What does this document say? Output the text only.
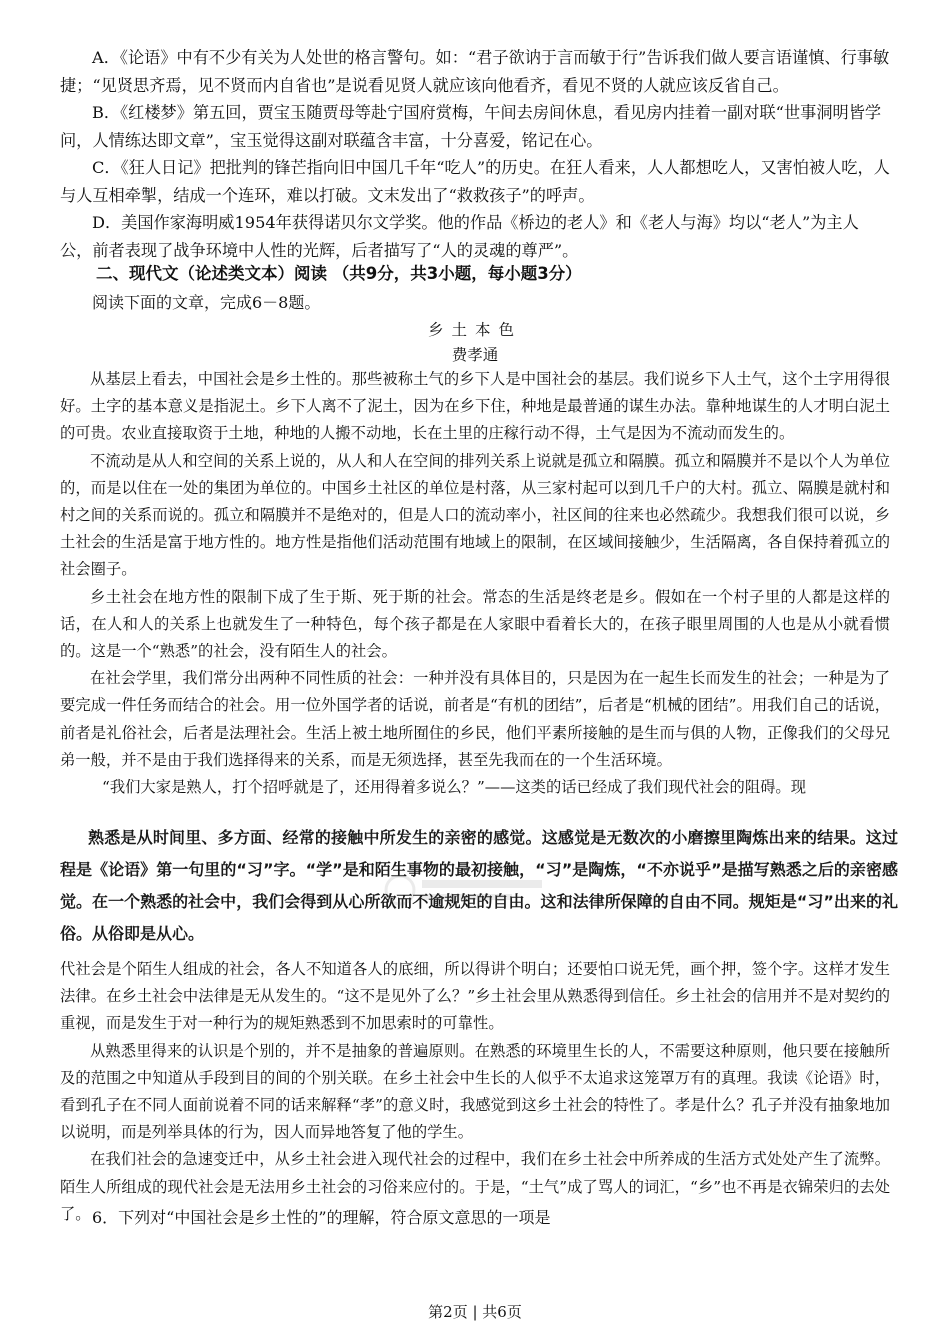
A．《论语》中有不少有关为人处世的格言警句。如：“君子欲讷于言而敏于行”告诉我们做人要言语谨慎、行事敏捷；“见贤思齐焉，见不贤而内自省也”是说看见贤人就应该向他看齐，看见不贤的人就应该反省自己。

B．《红楼梦》第五回，贾宝玉随贾母等赴宁国府赏梅，午间去房间休息，看见房内挂着一副对联“世事洞明皆学问，人情练达即文章”，宝玉觉得这副对联蕴含丰富，十分喜爱，铭记在心。

C．《狂人日记》把批判的锋芒指向旧中国几千年“吃人”的历史。在狂人看来，人人都想吃人，又害怕被人吃，人与人互相牵掣，结成一个连环，难以打破。文末发出了“救救孩子”的呼声。

D．美国作家海明威1954年获得诺贝尔文学奖。他的作品《桥边的老人》和《老人与海》均以“老人”为主人公，前者表现了战争环境中人性的光辉，后者描写了“人的灵魂的尊严”。

二、现代文（论述类文本）阅读 （共9分，共3小题，每小题3分）
阅读下面的文章，完成6－8题。
乡土本色
费孝通

从基层上看去，中国社会是乡土性的。那些被称土气的乡下人是中国社会的基层。我们说乡下人土气，这个土字用得很好。土字的基本意义是指泥土。乡下人离不了泥土，因为在乡下住，种地是最普通的谋生办法。靠种地谋生的人才明白泥土的可贵。农业直接取资于土地，种地的人搬不动地，长在土里的庄稼行动不得，土气是因为不流动而发生的。

不流动是从人和空间的关系上说的，从人和人在空间的排列关系上说就是孤立和隔膜。孤立和隔膜并不是以个人为单位的，而是以住在一处的集团为单位的。中国乡土社区的单位是村落，从三家村起可以到几千户的大村。孤立、隔膜是就村和村之间的关系而说的。孤立和隔膜并不是绝对的，但是人口的流动率小，社区间的往来也必然疏少。我想我们很可以说，乡土社会的生活是富于地方性的。地方性是指他们活动范围有地域上的限制，在区域间接触少，生活隔离，各自保持着孤立的社会圈子。

乡土社会在地方性的限制下成了生于斯、死于斯的社会。常态的生活是终老是乡。假如在一个村子里的人都是这样的话，在人和人的关系上也就发生了一种特色，每个孩子都是在人家眼中看着长大的，在孩子眼里周围的人也是从小就看惯的。这是一个“熟悉”的社会，没有陌生人的社会。

在社会学里，我们常分出两种不同性质的社会：一种并没有具体目的，只是因为在一起生长而发生的社会；一种是为了要完成一件任务而结合的社会。用一位外国学者的话说，前者是“有机的团结”，后者是“机械的团结”。用我们自己的话说，前者是礼俗社会，后者是法理社会。生活上被土地所囿住的乡民，他们平素所接触的是生而与俱的人物，正像我们的父母兄弟一般，并不是由于我们选择得来的关系，而是无须选择，甚至先我而在的一个生活环境。

“我们大家是熟人，打个招呼就是了，还用得着多说么？”——这类的话已经成了我们现代社会的阻碍。现

熟悉是从时间里、多方面、经常的接触中所发生的亲密的感觉。这感觉是无数次的小磨擦里陶炼出来的结果。这过程是《论语》第一句里的“习”字。“学”是和陌生事物的最初接触，“习”是陶炼，“不亦说乎”是描写熟悉之后的亲密感觉。在一个熟悉的社会中，我们会得到从心所欲而不逾规矩的自由。这和法律所保障的自由不同。规矩是“习”出来的礼俗。从俗即是从心。

代社会是个陌生人组成的社会，各人不知道各人的底细，所以得讲个明白；还要怕口说无凭，画个押，签个字。这样才发生法律。在乡土社会中法律是无从发生的。“这不是见外了么？”乡土社会里从熟悉得到信任。乡土社会的信用并不是对契约的重视，而是发生于对一种行为的规矩熟悉到不加思索时的可靠性。

从熟悉里得来的认识是个别的，并不是抽象的普遍原则。在熟悉的环境里生长的人，不需要这种原则，他只要在接触所及的范围之中知道从手段到目的间的个别关联。在乡土社会中生长的人似乎不太追求这笼罩万有的真理。我读《论语》时，看到孔子在不同人面前说着不同的话来解释“孝”的意义时，我感觉到这乡土社会的特性了。孝是什么？孔子并没有抽象地加以说明，而是列举具体的行为，因人而异地答复了他的学生。

在我们社会的急速变迁中，从乡土社会进入现代社会的过程中，我们在乡土社会中所养成的生活方式处处产生了流弊。陌生人所组成的现代社会是无法用乡土社会的习俗来应付的。于是，“土气”成了骂人的词汇，“乡”也不再是衣锦荣归的去处了。 6．下列对“中国社会是乡土性的”的理解，符合原文意思的一项是
第2页 | 共6页
